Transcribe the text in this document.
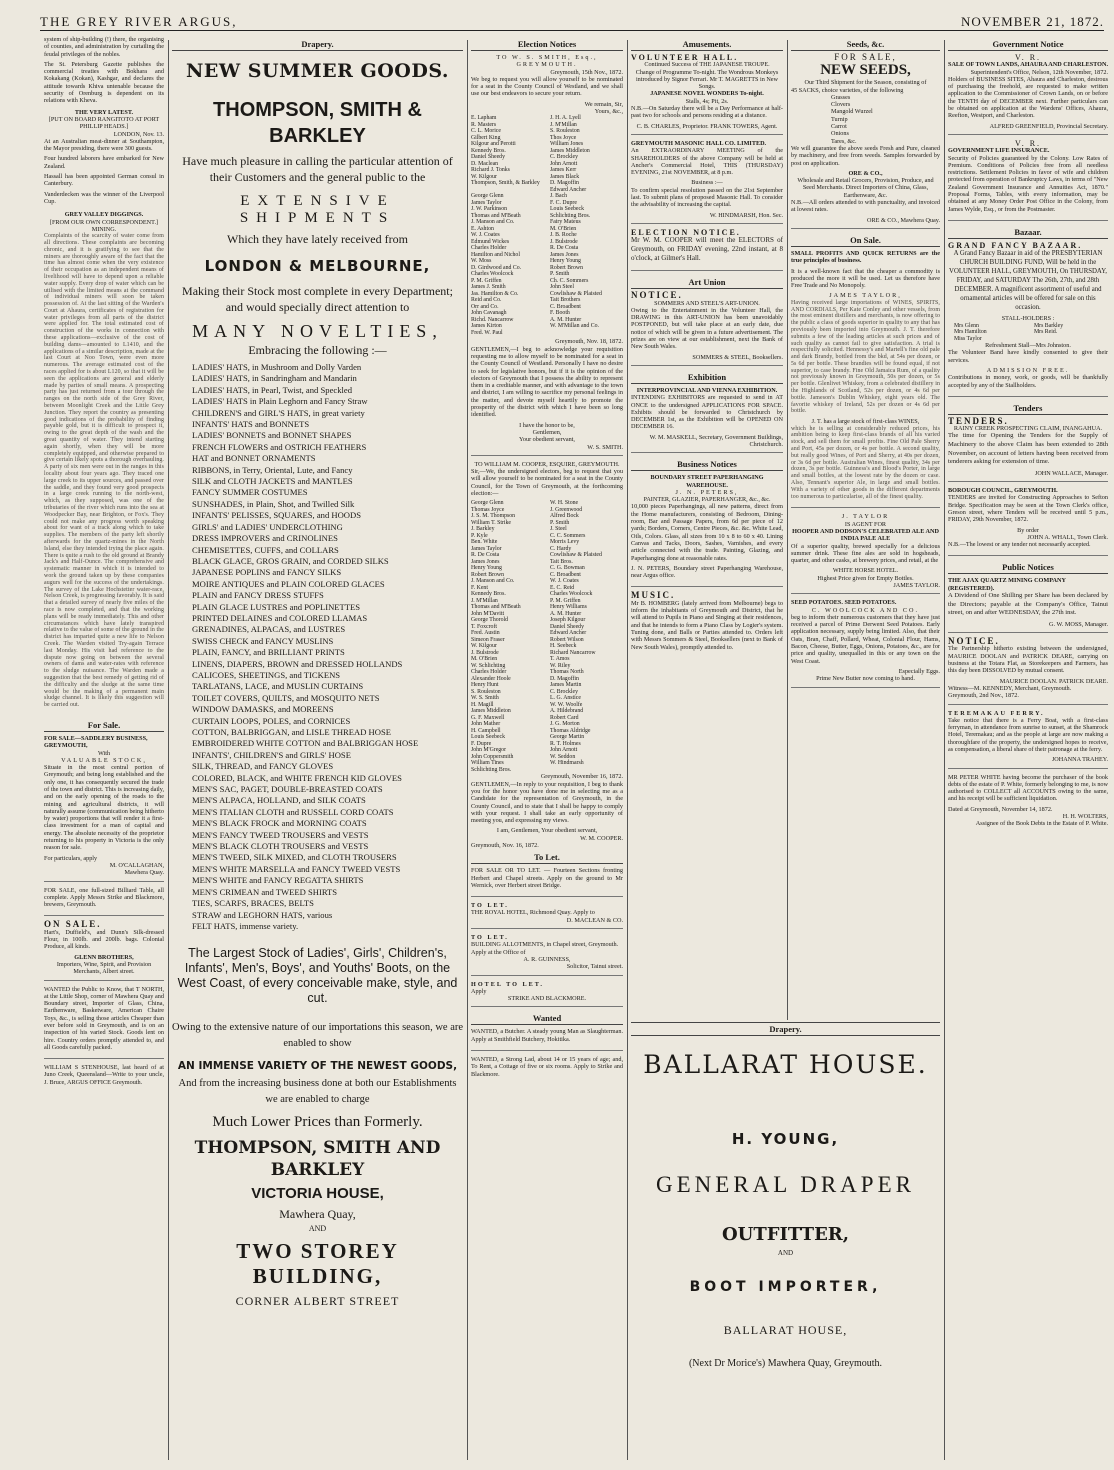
THE GREY RIVER ARGUS,	NOVEMBER 21, 1872.

system of ship-building (!) there, the organising of counties, and administration by curtailing the feudal privileges of the nobles.

The St. Petersburg Gazette publishes the commercial treaties with Bokhara and Kokakang (Kokan), Kashgar, and declares the attitude towards Khiva untenable because the security of Orenburg is dependent on its relations with Kheva.

THE VERY LATEST.
[PUT ON BOARD RANGITOTO AT PORT PHILLIP HEADS.]
LONDON, Nov. 13.

At an Australian meat-dinner at Southampton, the Mayor presiding, there were 300 guests.

Four hundred laborers have embarked for New Zealand.

Hassall has been appointed German consul in Canterbury.

Vanderdecken was the winner of the Liverpool Cup.

GREY VALLEY DIGGINGS.
[FROM OUR OWN CORRESPONDENT.]
MINING.

Complaints of the scarcity of water come from all directions. These complaints are becoming chronic, and it is gratifying to see that the miners are thoroughly aware of the fact that the time has almost come when the very existence of their occupation as an independent means of livelihood will have to depend upon a reliable water supply. Every drop of water which can be utilised with the limited means at the command of individual miners will soon be taken possession of. At the last sitting of the Warden's Court at Ahaura, certificates of registration for water privileges from all parts of the district were applied for. The total estimated cost of construction of the works in connection with these applications—exclusive of the cost of building dams—amounted to L1410, and the applications of a similar description, made at the last Court at Noo Town, were even more numerous. The average estimated cost of the races applied for is about L120, so that it will be seen the applications are general and elderly made by parties of small means. A prospecting party has just returned from a tour through the ranges on the north side of the Grey River, between Moonlight Creek and the Little Grey Junction. They report the country as presenting good indications of the probability of finding payable gold, but it is difficult to prospect it, owing to the great depth of the wash and the great quantity of water. They intend starting again shortly, when they will be more completely equipped, and otherwise prepared to give certain likely spots a thorough overhauling. A party of six men were out in the ranges in this locality about four years ago. They traced one large creek to its upper sources, and passed over the saddle, and they found very good prospects in a large creek running to the north-west, which, as they supposed, was one of the tributaries of the river which runs into the sea at Woodpecker Bay, near Brighton, or Fox's. They could not make any progress worth speaking about for want of a track along which to take supplies. The members of the party left shortly afterwards for the quartz-mines in the North Island, else they intended trying the place again. There is quite a rush to the old ground at Brandy Jack's and Half-Ounce. The comprehensive and systematic manner in which it is intended to work the ground taken up by these companies augurs well for the success of the undertakings. The survey of the Lake Hochstetter water-race, Nelson Creek, is progressing favorably. It is said that a detailed survey of nearly five miles of the race is now completed, and that the working plans will be ready immediately. This and other circumstances which have lately transpired relative to the value of some of the ground in the district has imparted quite a new life to Nelson Creek. The Warden visited Try-again Terrace last Monday. His visit had reference to the dispute now going on between the several owners of dams and water-rates with reference to the sludge nuisance. The Warden made a suggestion that the best remedy of getting rid of the difficulty and the sludge at the same time would be the making of a permanent main sludge channel. It is likely this suggestion will be carried out.

For Sale.
FOR SALE—SADDLERY BUSINESS, GREYMOUTH,
With
VALUABLE STOCK,

Situate in the most central portion of Greymouth; and being long established and the only one, it has consequently secured the trade of the town and district. This is increasing daily, and on the early opening of the roads to the mining and agricultural districts, it will naturally assume (communication being hitherto by water) proportions that will render it a first-class investment for a man of capital and energy. The absolute necessity of the proprietor returning to his property in Victoria is the only reason for sale.

For particulars, apply
M. O'CALLAGHAN,
Mawhera Quay.

FOR SALE, one full-sized Billiard Table, all complete. Apply Messrs Strike and Blackmore, brewers, Greymouth.

ON SALE.

Hart's, Duffield's, and Dunn's Silk-dressed Flour, in 100lb. and 200lb. bags. Colonial Produce, all kinds.

GLENN BROTHERS,
Importers, Wine, Spirit, and Provision Merchants, Albert street.

WANTED the Public to Know, that T NORTH, at the Little Shop, corner of Mawhera Quay and Boundary street, Importer of Glass, China, Earthenware, Basketware, American Chaire Toys, &c., is selling those articles Cheaper than ever before sold in Greymouth, and is on an inspection of his varied Stock. Goods lent on hire. Country orders promptly attended to, and all Goods carefully packed.

WILLIAM S STENHOUSE, last heard of at Juno Creek, Queensland—Write to your uncle, J. Bruce, ARGUS OFFICE Greymouth.

Drapery.
NEW SUMMER GOODS.
THOMPSON, SMITH & BARKLEY
Have much pleasure in calling the particular attention of their Customers and the general public to the
EXTENSIVE SHIPMENTS
Which they have lately received from
LONDON & MELBOURNE,
Making their Stock most complete in every Department; and would specially direct attention to
MANY NOVELTIES,
Embracing the following :—
LADIES' HATS, in Mushroom and Dolly Varden
LADIES' HATS, in Sandringham and Mandarin
LADIES' HATS, in Pearl, Twist, and Speckled
LADIES' HATS in Plain Leghorn and Fancy Straw
CHILDREN'S and GIRL'S HATS, in great variety
INFANTS' HATS and BONNETS
LADIES' BONNETS and BONNET SHAPES
FRENCH FLOWERS and OSTRICH FEATHERS
HAT and BONNET ORNAMENTS
RIBBONS, in Terry, Oriental, Lute, and Fancy
SILK and CLOTH JACKETS and MANTLES
FANCY SUMMER COSTUMES
SUNSHADES, in Plain, Shot, and Twilled Silk
INFANTS' PELISSES, SQUARES, and HOODS
GIRLS' and LADIES' UNDERCLOTHING
DRESS IMPROVERS and CRINOLINES
CHEMISETTES, CUFFS, and COLLARS
BLACK GLACE, GROS GRAIN, and CORDED SILKS
JAPANESE POPLINS and FANCY SILKS
MOIRE ANTIQUES and PLAIN COLORED GLACES
PLAIN and FANCY DRESS STUFFS
PLAIN GLACE LUSTRES and POPLINETTES
PRINTED DELAINES and COLORED LLAMAS
GRENADINES, ALPACAS, and LUSTRES
SWISS CHECK and FANCY MUSLINS
PLAIN, FANCY, and BRILLIANT PRINTS
LINENS, DIAPERS, BROWN and DRESSED HOLLANDS
CALICOES, SHEETINGS, and TICKENS
TARLATANS, LACE, and MUSLIN CURTAINS
TOILET COVERS, QUILTS, and MOSQUITO NETS
WINDOW DAMASKS, and MOREENS
CURTAIN LOOPS, POLES, and CORNICES
COTTON, BALBRIGGAN, and LISLE THREAD HOSE
EMBROIDERED WHITE COTTON and BALBRIGGAN HOSE
INFANTS', CHILDREN'S and GIRLS' HOSE
SILK, THREAD, and FANCY GLOVES
COLORED, BLACK, and WHITE FRENCH KID GLOVES
MEN'S SAC, PAGET, DOUBLE-BREASTED COATS
MEN'S ALPACA, HOLLAND, and SILK COATS
MEN'S ITALIAN CLOTH and RUSSELL CORD COATS
MEN'S BLACK FROCK and MORNING COATS
MEN'S FANCY TWEED TROUSERS and VESTS
MEN'S BLACK CLOTH TROUSERS and VESTS
MEN'S TWEED, SILK MIXED, and CLOTH TROUSERS
MEN'S WHITE MARSELLA and FANCY TWEED VESTS
MEN'S WHITE and FANCY REGATTA SHIRTS
MEN'S CRIMEAN and TWEED SHIRTS
TIES, SCARFS, BRACES, BELTS
STRAW and LEGHORN HATS, various
FELT HATS, immense variety.
The Largest Stock of Ladies', Girls', Children's, Infants', Men's, Boys', and Youths' Boots, on the West Coast, of every conceivable make, style, and cut.
Owing to the extensive nature of our importations this season, we are enabled to show
AN IMMENSE VARIETY OF THE NEWEST GOODS,
And from the increasing business done at both our Establishments we are enabled to charge
Much Lower Prices than Formerly.
THOMPSON, SMITH AND BARKLEY
VICTORIA HOUSE,
Mawhera Quay,
AND
TWO STOREY BUILDING,
CORNER ALBERT STREET
Election Notices
TO W. S. SMITH, Esq., GREYMOUTH.
Greymouth, 15th Nov., 1872.

We beg to request you will allow yourself to be nominated for a seat in the County Council of Westland, and we shall use our best endeavors to secure your return.

We remain, Sir,
Yours, &c.,
E. Lapham	J. H. A. Lyell
R. Masters	J. M'Millan
C. L. Morice	S. Rouleston
Gilbert King	Thos Joyce
Kilgour and Perotti	William Jones
Kennedy Bros.	James Middleton
Daniel Sheedy	C. Brockley
D. Maclean	John Arnott
Richard J. Tonks	James Kerr
W. Kilgour	James Black
Thompson, Smith, & Barkley	D. Magoffin
Edward Ancher
George Glenn	J. Bach
James Taylor	F. C. Dupre
J. W. Parkinson	Louis Seebeck
Thomas and M'Beath	Schlichting Bros.
J. Manson and Co.	Fairy Mateus
E. Ashton	M. O'Brien
W. J. Coates	J. B. Roche
Edmund Wickes	J. Bulstrode
Charles Holder	R. De Costa
Hamilton and Nichol	James Jones
W. Moss	Henry Young
D. Girdwood and Co.	Robert Brown
Charles Woolcock	P. Smith
P. M. Griffen	Ch. C. Sommers
James J. Smith	John Steel
Jas. Hamilton & Co.	Cowlishaw & Plaisted
Reid and Co.	Tait Brothers
Orr and Co.	C. Broadbent
John Cavanagh	F. Booth
Richd. Nancarrow	A. M. Hunter
James Kirton	W. M'Millan and Co.
Fred. W. Paul
Greymouth, Nov. 18, 1872.

GENTLEMEN,—I beg to acknowledge your requisition requesting me to allow myself to be nominated for a seat in the County Council of Westland. Personally I have no desire to seek for legislative honors, but if it is the opinion of the electors of Greymouth that I possess the ability to represent them in a creditable manner, and with advantage to the town and district, I am willing to sacrifice my personal feelings in the matter, and devote myself heartily to promote the prosperity of the district with which I have been so long identified.

I have the honor to be,
Gentlemen,
Your obedient servant,
W. S. SMITH.
TO WILLIAM M. COOPER, ESQUIRE, GREYMOUTH.

Sir,—We, the undersigned electors, beg to request that you will allow yourself to be nominated for a seat in the County Council, for the Town of Greymouth, at the forthcoming election:—

George Glenn	W. H. Stone
Thomas Joyce	J. Greenwood
J. S. M. Thompson	Alfred Bock
William T. Strike	P. Smith
J. Barkley	J. Steel
P. Kyle	C. C. Sommers
Ben. White	Morris Levy
James Taylor	C. Hardy
R. De Costa	Cowlishaw & Plaisted
James Jones	Tait Bros.
Henry Young	C. G. Bowman
Robert Brown	C. Broadbent
J. Manson and Co.	W. J. Coates
F. Kent	E. C. Reid
Kennedy Bros.	Charles Woolcock
J. M'Millan	P. M. Griffen
Thomas and M'Beath	Henry Williams
John M'Davitt	A. M. Hunter
George Thorold	Joseph Kilgour
T. Foxcroft	Daniel Sheedy
Fred. Austin	Edward Ancher
Simeon Fraser	Robert Wilson
W. Kilgour	H. Seebeck
J. Bulstrode	Richard Nancarrow
M. O'Brien	T. Amos
W. Schlichting	W. Riley
Charles Holder	Thomas North
Alexander Hoole	D. Magoffin
Henry Hunt	James Martin
S. Rouleston	C. Brockley
W. S. Smith	L. G. Anstice
H. Magill	W. W. Woolfe
James Middleton	A. Hildebrand
G. F. Maxwell	Robert Card
John Mather	J. G. Morton
H. Campbell	Thomas Aldridge
Louis Seebeck	George Martin
F. Dupre	R. T. Holmes
John M'Gregor	John Arnott
John Coppersmith	W. Seddon
William Tines	W. Hindmarsh
Schlichting Bros.
Greymouth, November 16, 1872.

GENTLEMEN,—In reply to your requisition, I beg to thank you for the honor you have done me in selecting me as a Candidate for the representation of Greymouth, in the County Council, and to state that I shall be happy to comply with your request. I shall take an early opportunity of meeting you, and expressing my views.

I am, Gentlemen, Your obedient servant,
W. M. COOPER.
Greymouth, Nov. 16, 1872.
To Let.

FOR SALE OR TO LET. — Fourteen Sections fronting Herbert and Chapel streets. Apply on the ground to Mr Wernick, over Herbert street Bridge.

TO LET.
THE ROYAL HOTEL, Richmond Quay. Apply to
D. MACLEAN & CO.
TO LET.
BUILDING ALLOTMENTS, in Chapel street, Greymouth. Apply at the Office of
A. R. GUINNESS,
Solicitor, Tainui street.
HOTEL TO LET.
Apply
STRIKE AND BLACKMORE.
Wanted

WANTED, a Butcher. A steady young Man as Slaughterman. Apply at Smithfield Butchery, Hokitika.

WANTED, a Strong Lad, about 14 or 15 years of age; and, To Rent, a Cottage of five or six rooms. Apply to Strike and Blackmore.

Amusements.
VOLUNTEER HALL.
Continued Success of THE JAPANESE TROUPE.
Change of Programme To-night. The Wondrous Monkeys introduced by Signor Ferrari. Mr T. MAGRETTS in New Songs.
JAPANESE NOVEL WONDERS To-night.
Stalls, 4s; Pit, 2s.

N.B.—On Saturday there will be a Day Performance at half-past two for schools and persons residing at a distance.

C. B. CHARLES, Proprietor. FRANK TOWERS, Agent.
GREYMOUTH MASONIC HALL CO. LIMITED.

An EXTRAORDINARY MEETING of the SHAREHOLDERS of the above Company will be held at Ancher's Commercial Hotel, THIS (THURSDAY) EVENING, 21st NOVEMBER, at 8 p.m.

Business :—

To confirm special resolution passed on the 21st September last. To submit plans of proposed Masonic Hall. To consider the advisability of increasing the capital.

W. HINDMARSH, Hon. Sec.
ELECTION NOTICE.

Mr W. M. COOPER will meet the ELECTORS of Greymouth, on FRIDAY evening, 22nd instant, at 8 o'clock, at Gilmer's Hall.

Art Union
NOTICE.
SOMMERS AND STEEL'S ART-UNION.

Owing to the Entertainment in the Volunteer Hall, the DRAWING in this ART-UNION has been unavoidably POSTPONED, but will take place at an early date, due notice of which will be given in a future advertisement. The prizes are on view at our establishment, next the Bank of New South Wales.

SOMMERS & STEEL, Booksellers.
Exhibition
INTERPROVINCIAL AND VIENNA EXHIBITION.

INTENDING EXHIBITORS are requested to send in AT ONCE to the undersigned APPLICATIONS FOR SPACE. Exhibits should be forwarded to Christchurch by DECEMBER 1st, as the Exhibition will be OPENED ON DECEMBER 16.

W. M. MASKELL, Secretary, Government Buildings, Christchurch.
Business Notices
BOUNDARY STREET PAPERHANGING WAREHOUSE.
J. N. PETERS,
PAINTER, GLAZIER, PAPERHANGER, &c., &c.

10,000 pieces Paperhangings, all new patterns, direct from the Home manufacturers, consisting of Bedroom, Dining-room, Bar and Passage Papers, from 6d per piece of 12 yards; Borders, Corners, Centre Pieces, &c. &c. White Lead, Oils, Colors. Glass, all sizes from 10 x 8 to 60 x 40. Lining Canvas and Tacks, Doors, Sashes, Varnishes, and every article connected with the trade. Painting, Glazing, and Paperhanging done at reasonable rates.

J. N. PETERS, Boundary street Paperhanging Warehouse, near Argus office.

MUSIC.

Mr B. HOMBERG (lately arrived from Melbourne) begs to inform the inhabitants of Greymouth and District, that he will attend to Pupils in Piano and Singing at their residences, and that he intends to form a Piano Class by Logier's system. Tuning done, and Balls or Parties attended to. Orders left with Messrs Sommers & Steel, Booksellers (next to Bank of New South Wales), promptly attended to.

Seeds, &c.
FOR SALE,
NEW SEEDS,
Our Third Shipment for the Season, consisting of
45 SACKS, choice varieties, of the following
Grasses
Clovers
Mangold Wurzel
Turnip
Carrot
Onions
Tares, &c.

We will guarantee the above seeds Fresh and Pure, cleaned by machinery, and free from weeds. Samples forwarded by post on application.

ORE & CO.,
Wholesale and Retail Grocers, Provision, Produce, and Seed Merchants. Direct Importers of China, Glass, Earthenware, &c.

N.B.—All orders attended to with punctuality, and invoiced at lowest rates.

ORE & CO., Mawhera Quay.
On Sale.

SMALL PROFITS AND QUICK RETURNS are the true principles of business.

It is a well-known fact that the cheaper a commodity is produced the more it will be used. Let us therefore have Free Trade and No Monopoly.

JAMES TAYLOR,

Having received large importations of WINES, SPIRITS, AND CORDIALS, Per Kate Conley and other vessels, from the most eminent distillers and merchants, is now offering to the public a class of goods superior in quality to any that has previously been imported into Greymouth. J. T. therefore submits a few of the leading articles at such prices and of such quality as cannot fail to give satisfaction. A trial is respectfully solicited. Hennessy's and Martell's fine old pale and dark Brandy, bottled from the bkd, at 54s per dozen, or 5s 6d per bottle. These brandies will be found equal, if not superior, to case brandy. Fine Old Jamaica Rum, of a quality not previously known in Greymouth, 50s per dozen, or 5s per bottle. Glenlivet Whiskey, from a celebrated distillery in the Highlands of Scotland, 52s per dozen, or 4s 6d per bottle. Jameson's Dublin Whiskey, eight years old. The favorite whiskey of Ireland, 52s per dozen or 4s 6d per bottle.

J. T. has a large stock of first-class WINES,

which he is selling at considerably reduced prices, his ambition being to keep first-class brands of all his varied stock, and sell them for small profits. Fine Old Pale Sherry and Port, 45s per dozen, or 4s per bottle. A second quality, but really good Wines, of Port and Sherry, at 40s per dozen, or 3s 6d per bottle. Australian Wines, finest quality, 34s per dozen, 3s per bottle. Guinness's and Blood's Porter, in large and small bottles, at the lowest rate by the dozen or case. Also, Tennant's superior Ale, in large and small bottles. With a variety of other goods in the different departments too numerous to particularise, all of the finest quality.

J. TAYLOR
IS AGENT FOR
HOOPER AND DODSON'S CELEBRATED ALE AND INDIA PALE ALE

Of a superior quality, brewed specially for a delicious summer drink. These fine ales are sold in hogsheads, quarter, and other casks, at brewery prices, and retail, at the

WHITE HORSE HOTEL.
Highest Price given for Empty Bottles.
JAMES TAYLOR.
SEED POTATOES. SEED POTATOES.
C. WOOLCOCK AND CO.

beg to inform their numerous customers that they have just received a parcel of Prime Derwent Seed Potatoes. Early application necessary, supply being limited. Also, that their Oats, Bran, Chaff, Pollard, Wheat, Colonial Flour, Hams, Bacon, Cheese, Butter, Eggs, Onions, Potatoes, &c., are for price and quality, unequalled in this or any town on the West Coast.

Especially Eggs.
Prime New Butter now coming to hand.
Drapery.
BALLARAT HOUSE.
H. YOUNG,
GENERAL DRAPER
OUTFITTER,
AND
BOOT IMPORTER,
BALLARAT HOUSE,
(Next Dr Morice's) Mawhera Quay, Greymouth.
Government Notice
V. R.
SALE OF TOWN LANDS, AHAURA AND CHARLESTON.
Superintendent's Office, Nelson, 12th November, 1872.

Holders of BUSINESS SITES, Ahaura and Charleston, desirous of purchasing the freehold, are requested to make written application to the Commissioner of Crown Lands, on or before the TENTH day of DECEMBER next. Further particulars can be obtained on application at the Wardens' Offices, Ahaura, Reefton, Westport, and Charleston.

ALFRED GREENFIELD, Provincial Secretary.
V. R.
GOVERNMENT LIFE INSURANCE.

Security of Policies guaranteed by the Colony. Low Rates of Premium. Conditions of Policies free from all needless restrictions. Settlement Policies in favor of wife and children protected from operation of Bankruptcy Laws, in terms of "New Zealand Government Insurance and Annuities Act, 1870." Proposal Forms, Tables, with every information, may be obtained at any Money Order Post Office in the Colony, from James Wylde, Esq., or from the Postmaster.

Bazaar.
GRAND FANCY BAZAAR.

A Grand Fancy Bazaar in aid of the PRESBYTERIAN CHURCH BUILDING FUND, Will be held in the VOLUNTEER HALL, GREYMOUTH, On THURSDAY, FRIDAY, and SATURDAY The 26th, 27th, and 28th DECEMBER. A magnificent assortment of useful and ornamental articles will be offered for sale on this occasion.

STALL-HOLDERS :
Mrs Glenn	Mrs Barkley
Mrs Hamilton	Mrs Reid.
Miss Taylor
Refreshment Stall—Mrs Johnston.

The Volunteer Band have kindly consented to give their services.

ADMISSION FREE.

Contributions in money, work, or goods, will be thankfully accepted by any of the Stallholders.

Tenders
TENDERS.
RAINY CREEK PROSPECTING CLAIM, INANGAHUA.

The time for Opening the Tenders for the Supply of Machinery to the above Claim has been extended to 28th November, on account of letters having been received from tenderers asking for extension of time.

JOHN WALLACE, Manager.
BOROUGH COUNCIL, GREYMOUTH.

TENDERS are invited for Constructing Approaches to Sefton Bridge. Specification may be seen at the Town Clerk's office, Greson street, where Tenders will be received until 5 p.m., FRIDAY, 29th November, 1872.

By order
JOHN A. WHALL, Town Clerk.

N.B.—The lowest or any tender not necessarily accepted.

Public Notices
THE AJAX QUARTZ MINING COMPANY (REGISTERED).

A Dividend of One Shilling per Share has been declared by the Directors; payable at the Company's Office, Tainui street, on and after WEDNESDAY, the 27th inst.

G. W. MOSS, Manager.
NOTICE.

The Partnership hitherto existing between the undersigned, MAURICE DOOLAN and PATRICK DEARE, carrying on business at the Totara Flat, as Storekeepers and Farmers, has this day been DISSOLVED by mutual consent.

MAURICE DOOLAN. PATRICK DEARE.
Witness—M. KENNEDY, Merchant, Greymouth.
Greymouth, 2nd Nov., 1872.
TEREMAKAU FERRY.

Take notice that there is a Ferry Boat, with a first-class ferryman, in attendance from sunrise to sunset, at the Shamrock Hotel, Teremakau; and as the people at large are now making a thoroughfare of the property, the undersigned hopes to receive, as compensation, a liberal share of their patronage at the ferry.

JOHANNA TRAHEY.

MR PETER WHITE having become the purchaser of the book debts of the estate of P. White, formerly belonging to me, is now authorised to COLLECT all ACCOUNTS owing to the same, and his receipt will be sufficient liquidation.

Dated at Greymouth, November 14, 1872.
H. H. WOLTERS,
Assignee of the Book Debts in the Estate of P. White.
